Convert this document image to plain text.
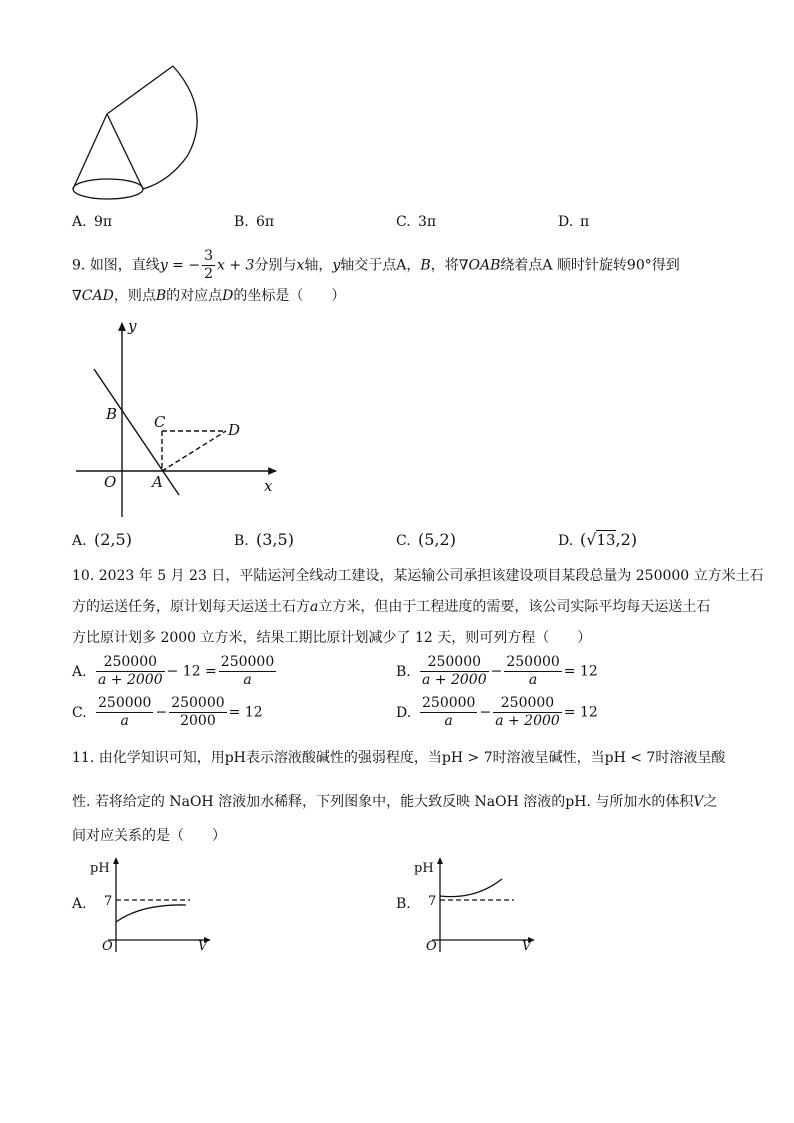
A. 9π	B. 6π	C. 3π	D. π
9. 如图，直线y = − $\frac{3}{2}$ x + 3分别与x轴，y轴交于点A，B，将∇OAB绕着点A 顺时针旋转90°得到
∇CAD，则点B的对应点D的坐标是（　　）
y
x
O A
B C	D
A. (2,5)	B. (3,5)	C. (5,2)	D. (√13,2)
10. 2023 年 5 月 23 日，平陆运河全线动工建设，某运输公司承担该建设项目某段总量为 250000 立方米土石
方的运送任务，原计划每天运送土石方a立方米，但由于工程进度的需要，该公司实际平均每天运送土石
方比原计划多 2000 立方米，结果工期比原计划减少了 12 天，则可列方程（　　）
A. $\frac{250000}{a + 2000} - 12 = \frac{250000}{a}$	B. $\frac{250000}{a + 2000} - \frac{250000}{a} = 12$
C. $\frac{250000}{a} - \frac{250000}{2000} = 12$	D. $\frac{250000}{a} - \frac{250000}{a + 2000} = 12$
11. 由化学知识可知，用pH表示溶液酸碱性的强弱程度，当pH > 7时溶液呈碱性，当pH < 7时溶液呈酸
性. 若将给定的 NaOH 溶液加水稀释，下列图象中，能大致反映 NaOH 溶液的pH. 与所加水的体积V之
间对应关系的是（　　）
A.
pH
7
O	V
B.
pH
7
O	V
